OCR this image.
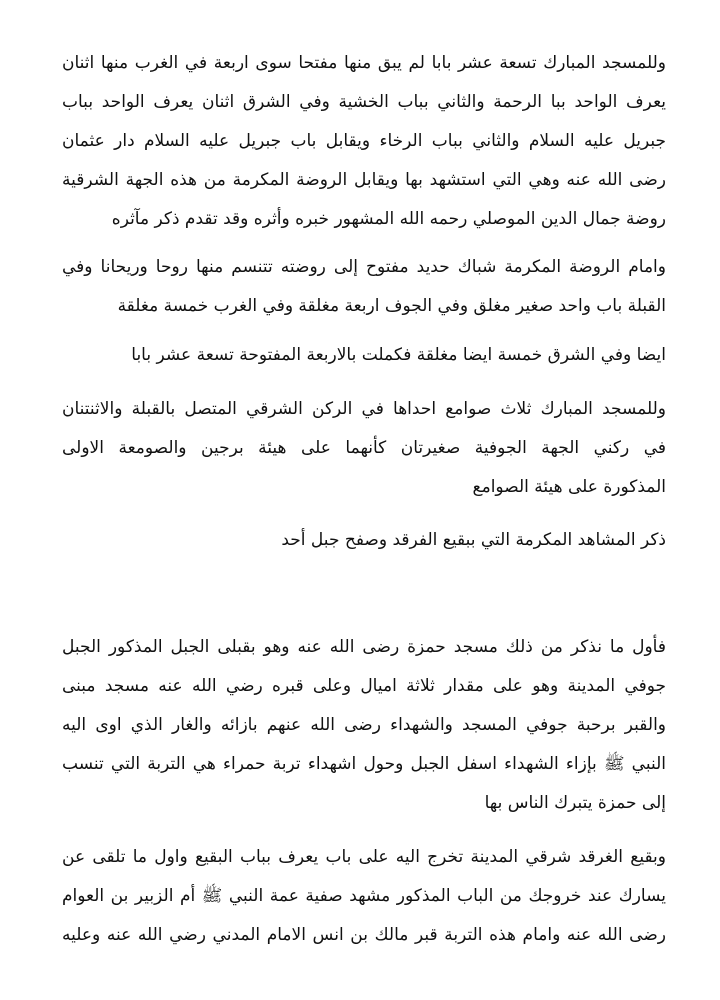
وللمسجد المبارك تسعة عشر بابا لم يبق منها مفتحا سوى اربعة في الغرب منها اثنان
يعرف الواحد ببا الرحمة والثاني بباب الخشية وفي الشرق اثنان يعرف الواحد بباب
جبريل عليه السلام والثاني بباب الرخاء ويقابل باب جبريل عليه السلام دار عثمان
رضى الله عنه وهي التي استشهد بها ويقابل الروضة المكرمة من هذه الجهة الشرقية
روضة جمال الدين الموصلي رحمه الله المشهور خبره وأثره وقد تقدم ذكر مآثره
وامام الروضة المكرمة شباك حديد مفتوح إلى روضته تتنسم منها روحا وريحانا وفي
القبلة باب واحد صغير مغلق وفي الجوف اربعة مغلقة وفي الغرب خمسة مغلقة
ايضا وفي الشرق خمسة ايضا مغلقة فكملت بالاربعة المفتوحة تسعة عشر بابا
وللمسجد المبارك ثلاث صوامع احداها في الركن الشرقي المتصل بالقبلة والاثنتنان
في ركني الجهة الجوفية صغيرتان كأنهما على هيئة برجين والصومعة الاولى
المذكورة على هيئة الصوامع
ذكر المشاهد المكرمة التي ببقيع الفرقد وصفح جبل أحد
فأول ما نذكر من ذلك مسجد حمزة رضى الله عنه وهو بقبلى الجبل المذكور الجبل
جوفي المدينة وهو على مقدار ثلاثة اميال وعلى قبره رضي الله عنه مسجد مبنى
والقبر برحبة جوفي المسجد والشهداء رضى الله عنهم بازائه والغار الذي اوى اليه
النبي ﷺ بإزاء الشهداء اسفل الجبل وحول اشهداء تربة حمراء هي التربة التي تنسب
إلى حمزة يتبرك الناس بها
وبقيع الغرقد شرقي المدينة تخرج اليه على باب يعرف بباب البقيع واول ما تلقى عن
يسارك عند خروجك من الباب المذكور مشهد صفية عمة النبي ﷺ أم الزبير بن العوام
رضى الله عنه وامام هذه التربة قبر مالك بن انس الامام المدني رضي الله عنه وعليه
